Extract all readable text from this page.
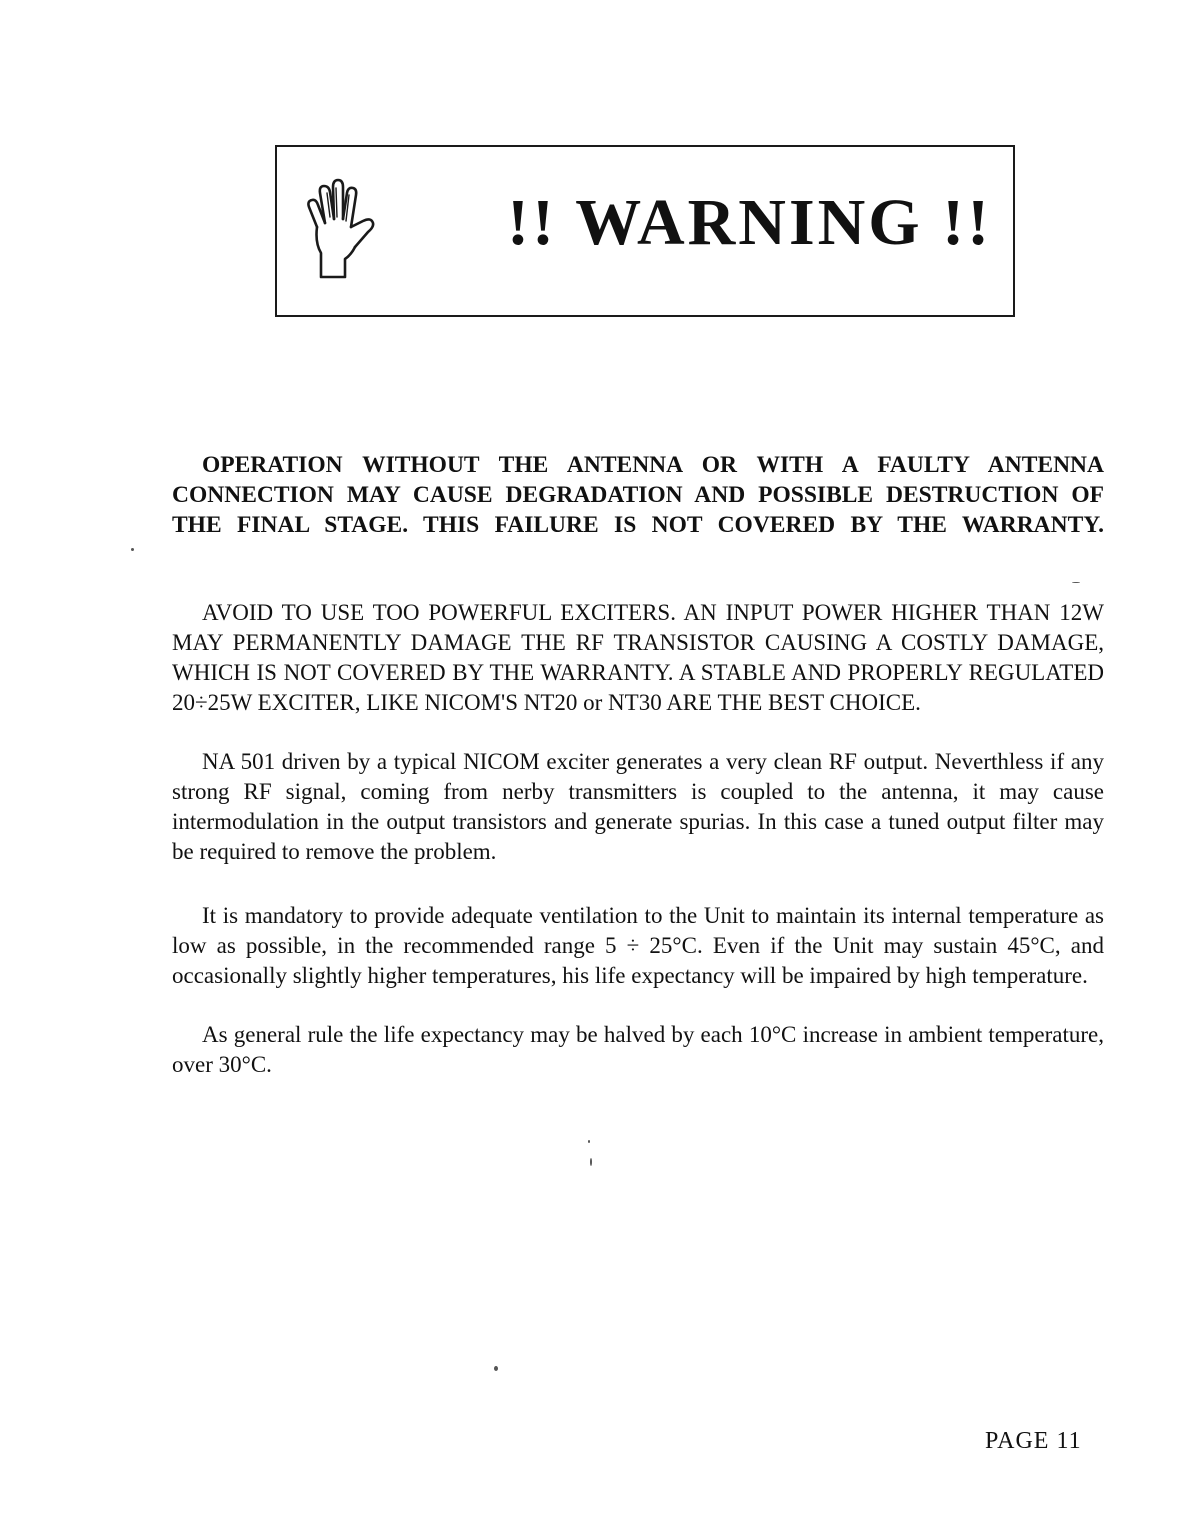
!! WARNING !!

OPERATION WITHOUT THE ANTENNA OR WITH A FAULTY ANTENNA CONNECTION MAY CAUSE DEGRADATION AND POSSIBLE DESTRUCTION OF THE FINAL STAGE. THIS FAILURE IS NOT COVERED BY THE WARRANTY.

AVOID TO USE TOO POWERFUL EXCITERS. AN INPUT POWER HIGHER THAN 12W MAY PERMANENTLY DAMAGE THE RF TRANSISTOR CAUSING A COSTLY DAMAGE, WHICH IS NOT COVERED BY THE WARRANTY. A STABLE AND PROPERLY REGULATED 20÷25W EXCITER, LIKE NICOM'S NT20 or NT30 ARE THE BEST CHOICE.

NA 501 driven by a typical NICOM exciter generates a very clean RF output. Neverthless if any strong RF signal, coming from nerby transmitters is coupled to the antenna, it may cause intermodulation in the output transistors and generate spurias. In this case a tuned output filter may be required to remove the problem.

It is mandatory to provide adequate ventilation to the Unit to maintain its internal temperature as low as possible, in the recommended range 5 ÷ 25°C. Even if the Unit may sustain 45°C, and occasionally slightly higher temperatures, his life expectancy will be impaired by high temperature.

As general rule the life expectancy may be halved by each 10°C increase in ambient temperature, over 30°C.

PAGE 11
